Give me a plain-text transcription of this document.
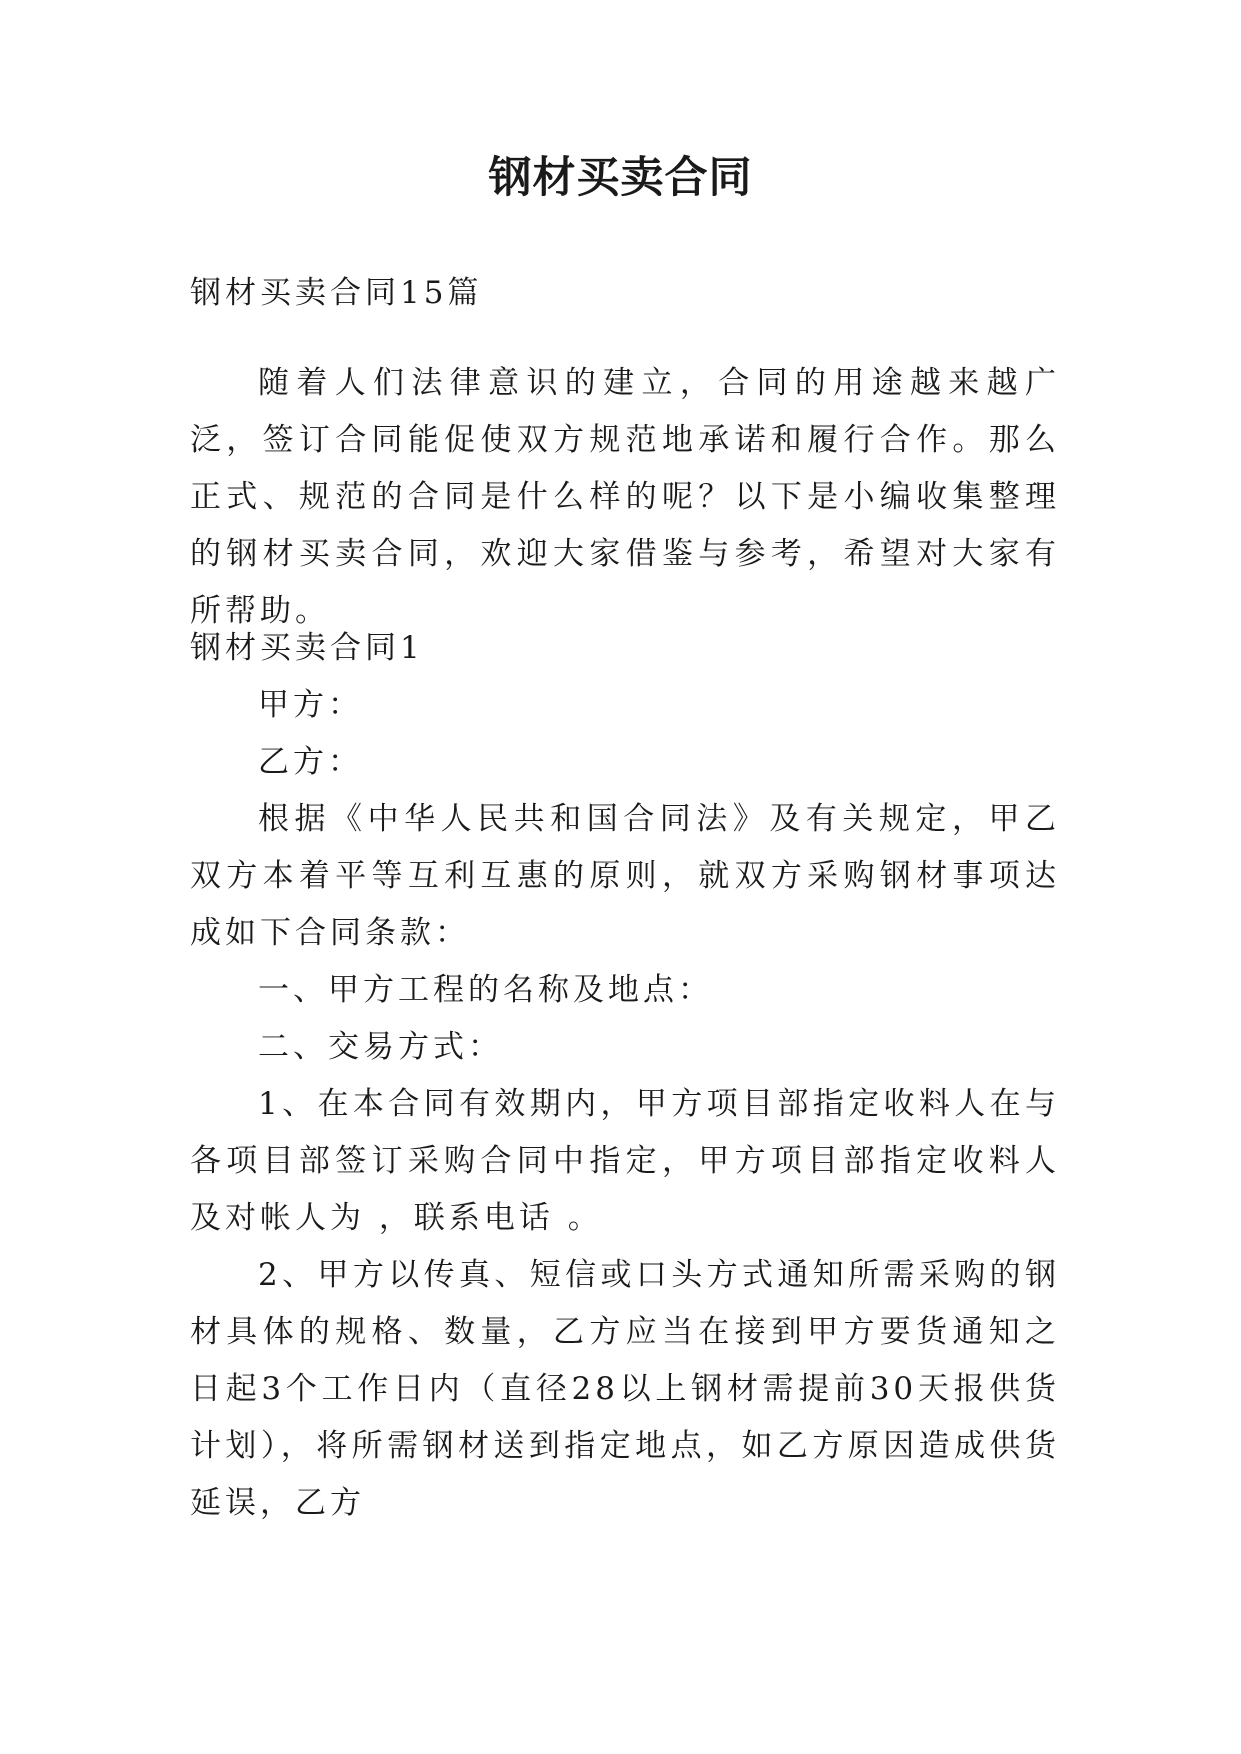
钢材买卖合同

钢材买卖合同15篇

随着人们法律意识的建立，合同的用途越来越广泛，签订合同能促使双方规范地承诺和履行合作。那么正式、规范的合同是什么样的呢？以下是小编收集整理的钢材买卖合同，欢迎大家借鉴与参考，希望对大家有所帮助。

钢材买卖合同1

甲方：

乙方：

根据《中华人民共和国合同法》及有关规定，甲乙双方本着平等互利互惠的原则，就双方采购钢材事项达成如下合同条款：

一、甲方工程的名称及地点：

二、交易方式：

1、在本合同有效期内，甲方项目部指定收料人在与各项目部签订采购合同中指定，甲方项目部指定收料人及对帐人为 ，联系电话 。

2、甲方以传真、短信或口头方式通知所需采购的钢材具体的规格、数量，乙方应当在接到甲方要货通知之日起3个工作日内（直径28以上钢材需提前30天报供货计划），将所需钢材送到指定地点，如乙方原因造成供货延误，乙方
